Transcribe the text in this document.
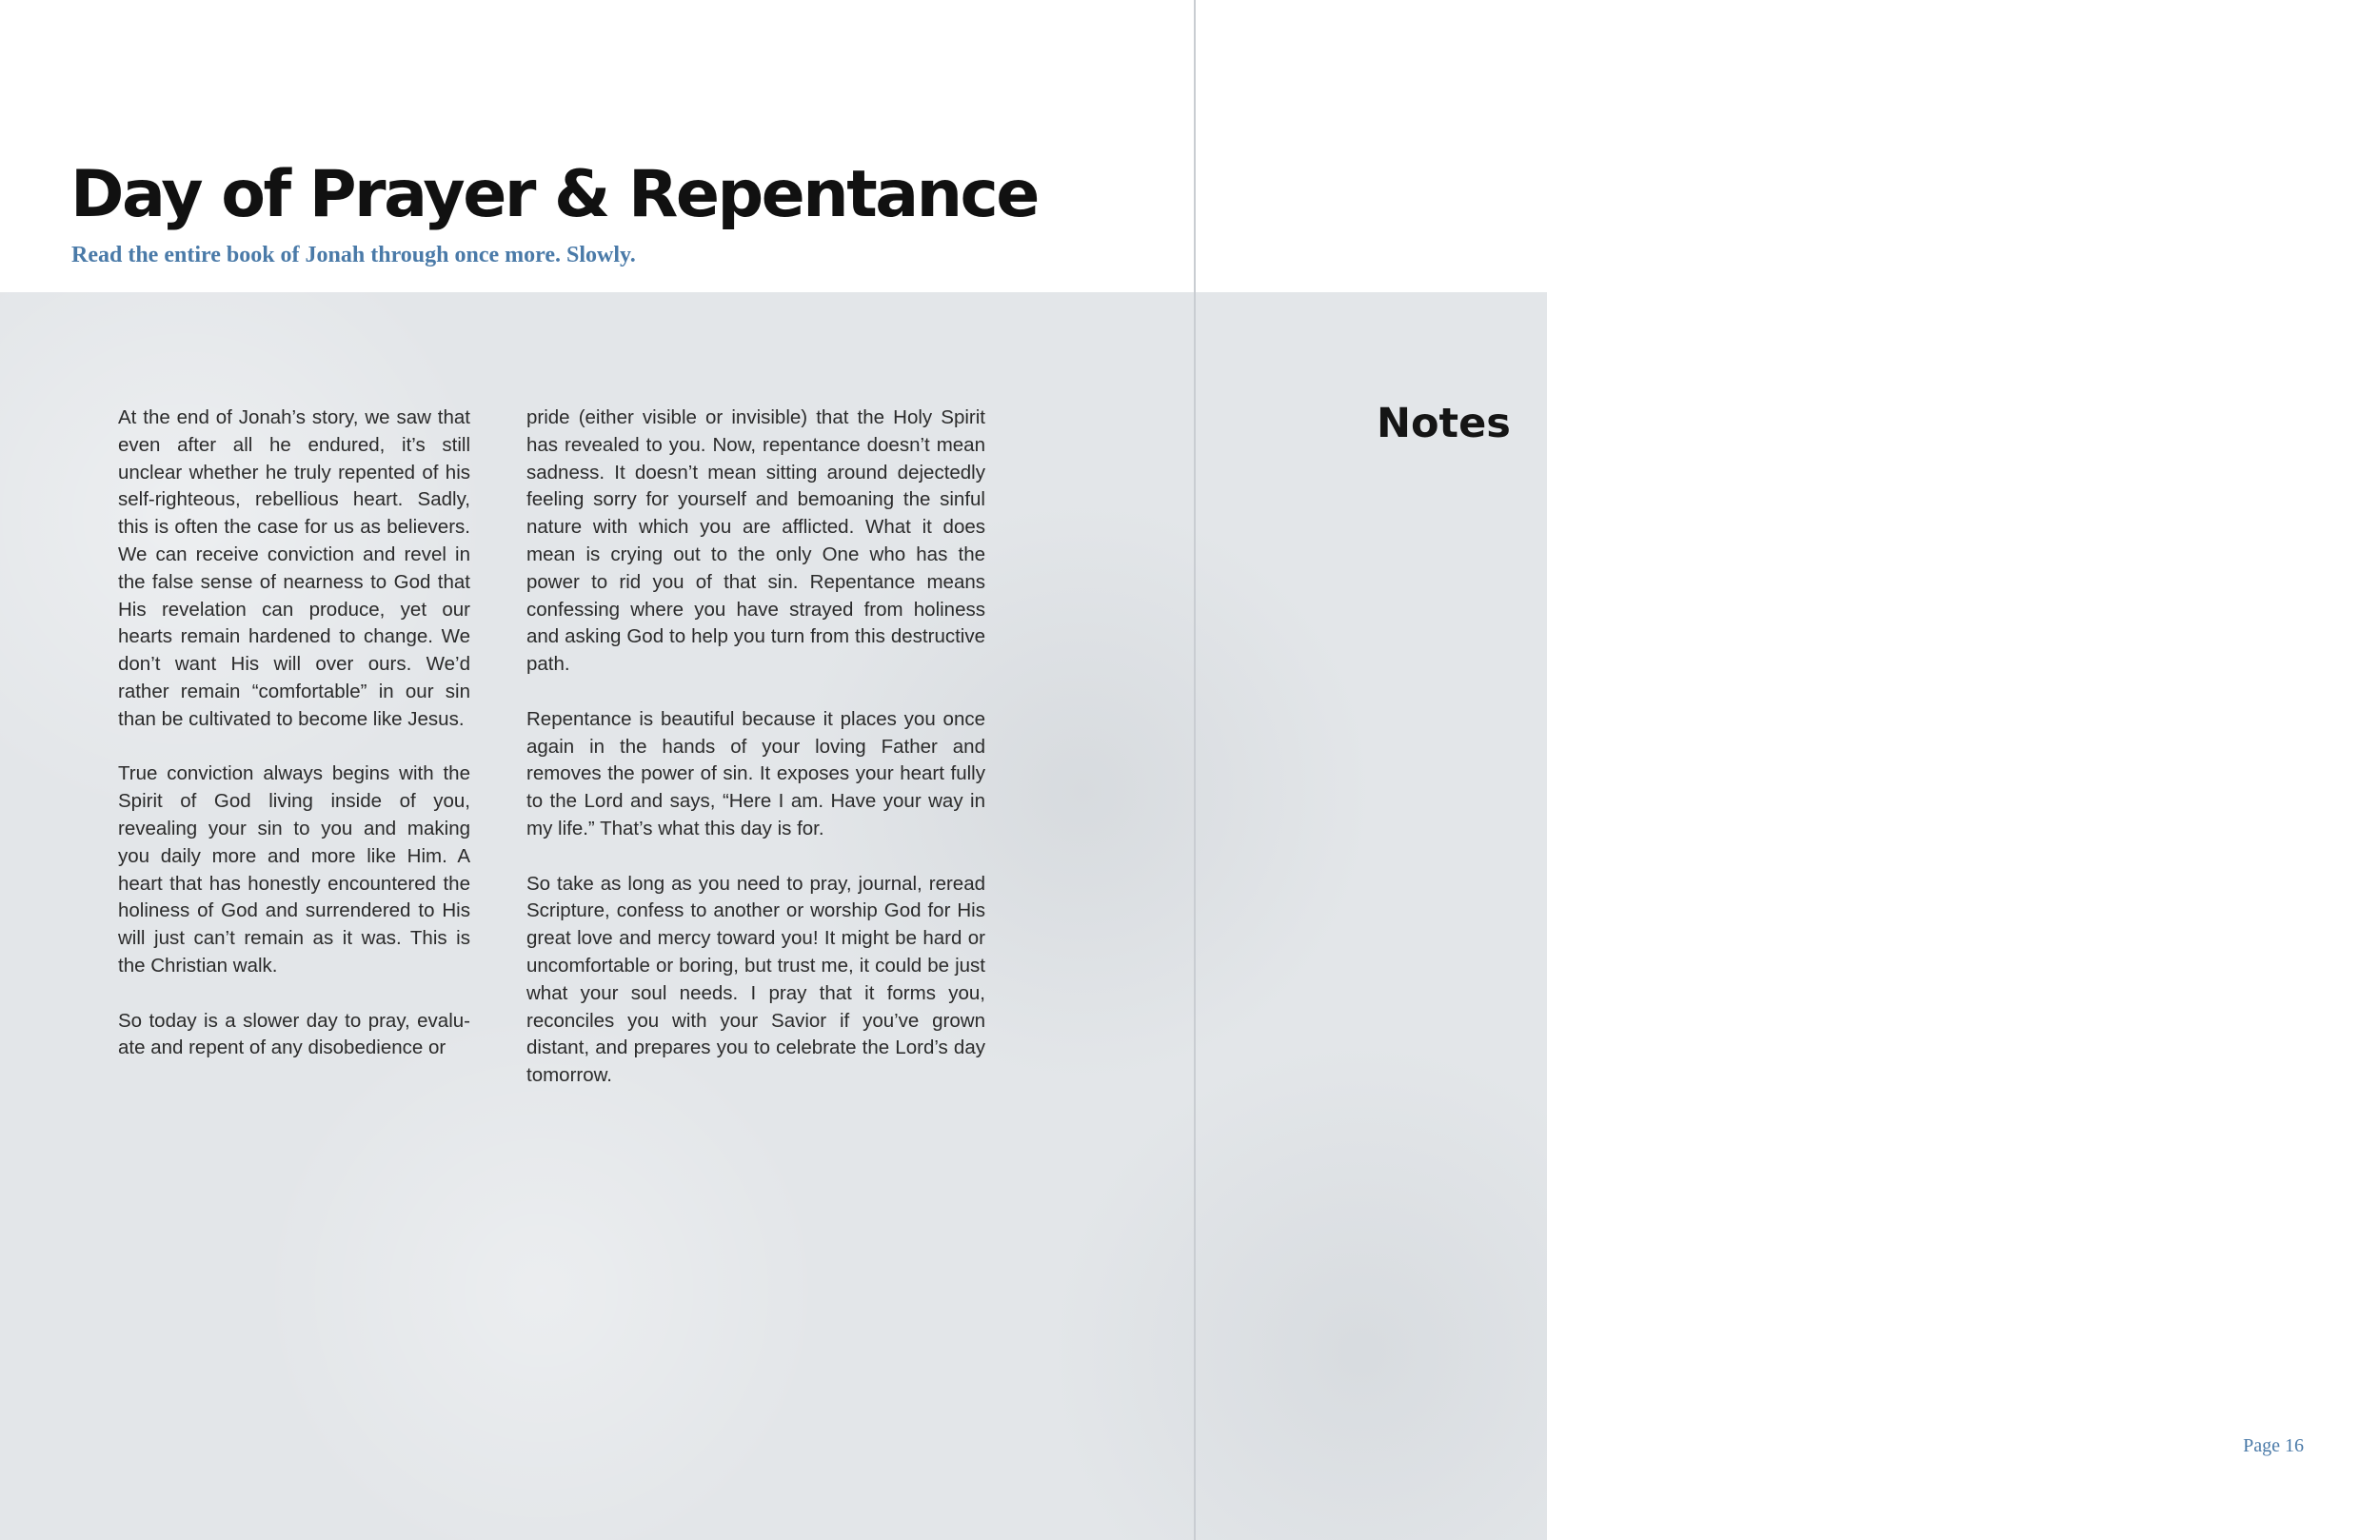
Day of Prayer & Repentance

Read the entire book of Jonah through once more. Slowly.

At the end of Jonah’s story, we saw that even after all he endured, it’s still unclear whether he truly repented of his self-righteous, rebellious heart. Sadly, this is often the case for us as believers. We can receive conviction and revel in the false sense of nearness to God that His revelation can produce, yet our hearts remain hardened to change. We don’t want His will over ours. We’d rather remain “comfortable” in our sin than be cultivated to become like Jesus.

True conviction always begins with the Spirit of God living inside of you, revealing your sin to you and making you daily more and more like Him. A heart that has honestly encountered the holiness of God and surrendered to His will just can’t remain as it was. This is the Christian walk.

So today is a slower day to pray, evaluate and repent of any disobedience or

pride (either visible or invisible) that the Holy Spirit has revealed to you. Now, repentance doesn’t mean sadness. It doesn’t mean sitting around dejectedly feeling sorry for yourself and bemoaning the sinful nature with which you are afflicted. What it does mean is crying out to the only One who has the power to rid you of that sin. Repentance means confessing where you have strayed from holiness and asking God to help you turn from this destructive path.

Repentance is beautiful because it places you once again in the hands of your loving Father and removes the power of sin. It exposes your heart fully to the Lord and says, “Here I am. Have your way in my life.” That’s what this day is for.

So take as long as you need to pray, journal, reread Scripture, confess to another or worship God for His great love and mercy toward you! It might be hard or uncomfortable or boring, but trust me, it could be just what your soul needs. I pray that it forms you, reconciles you with your Savior if you’ve grown distant, and prepares you to celebrate the Lord’s day tomorrow.

Notes
Page 16
